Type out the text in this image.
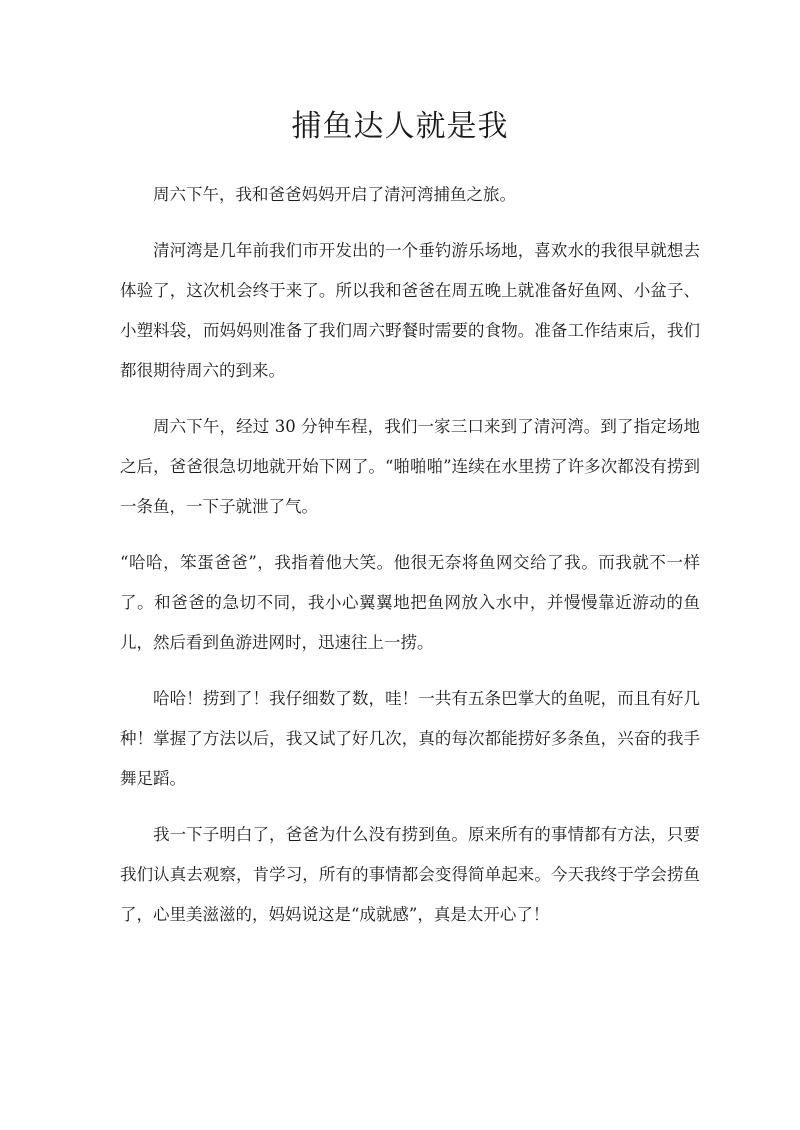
捕鱼达人就是我

周六下午，我和爸爸妈妈开启了清河湾捕鱼之旅。

清河湾是几年前我们市开发出的一个垂钓游乐场地，喜欢水的我很早就想去体验了，这次机会终于来了。所以我和爸爸在周五晚上就准备好鱼网、小盆子、小塑料袋，而妈妈则准备了我们周六野餐时需要的食物。准备工作结束后，我们都很期待周六的到来。

周六下午，经过 30 分钟车程，我们一家三口来到了清河湾。到了指定场地之后，爸爸很急切地就开始下网了。“啪啪啪”连续在水里捞了许多次都没有捞到一条鱼，一下子就泄了气。

“哈哈，笨蛋爸爸”，我指着他大笑。他很无奈将鱼网交给了我。而我就不一样了。和爸爸的急切不同，我小心翼翼地把鱼网放入水中，并慢慢靠近游动的鱼儿，然后看到鱼游进网时，迅速往上一捞。

哈哈！捞到了！我仔细数了数，哇！一共有五条巴掌大的鱼呢，而且有好几种！掌握了方法以后，我又试了好几次，真的每次都能捞好多条鱼，兴奋的我手舞足蹈。

我一下子明白了，爸爸为什么没有捞到鱼。原来所有的事情都有方法，只要我们认真去观察，肯学习，所有的事情都会变得简单起来。今天我终于学会捞鱼了，心里美滋滋的，妈妈说这是“成就感”，真是太开心了！
